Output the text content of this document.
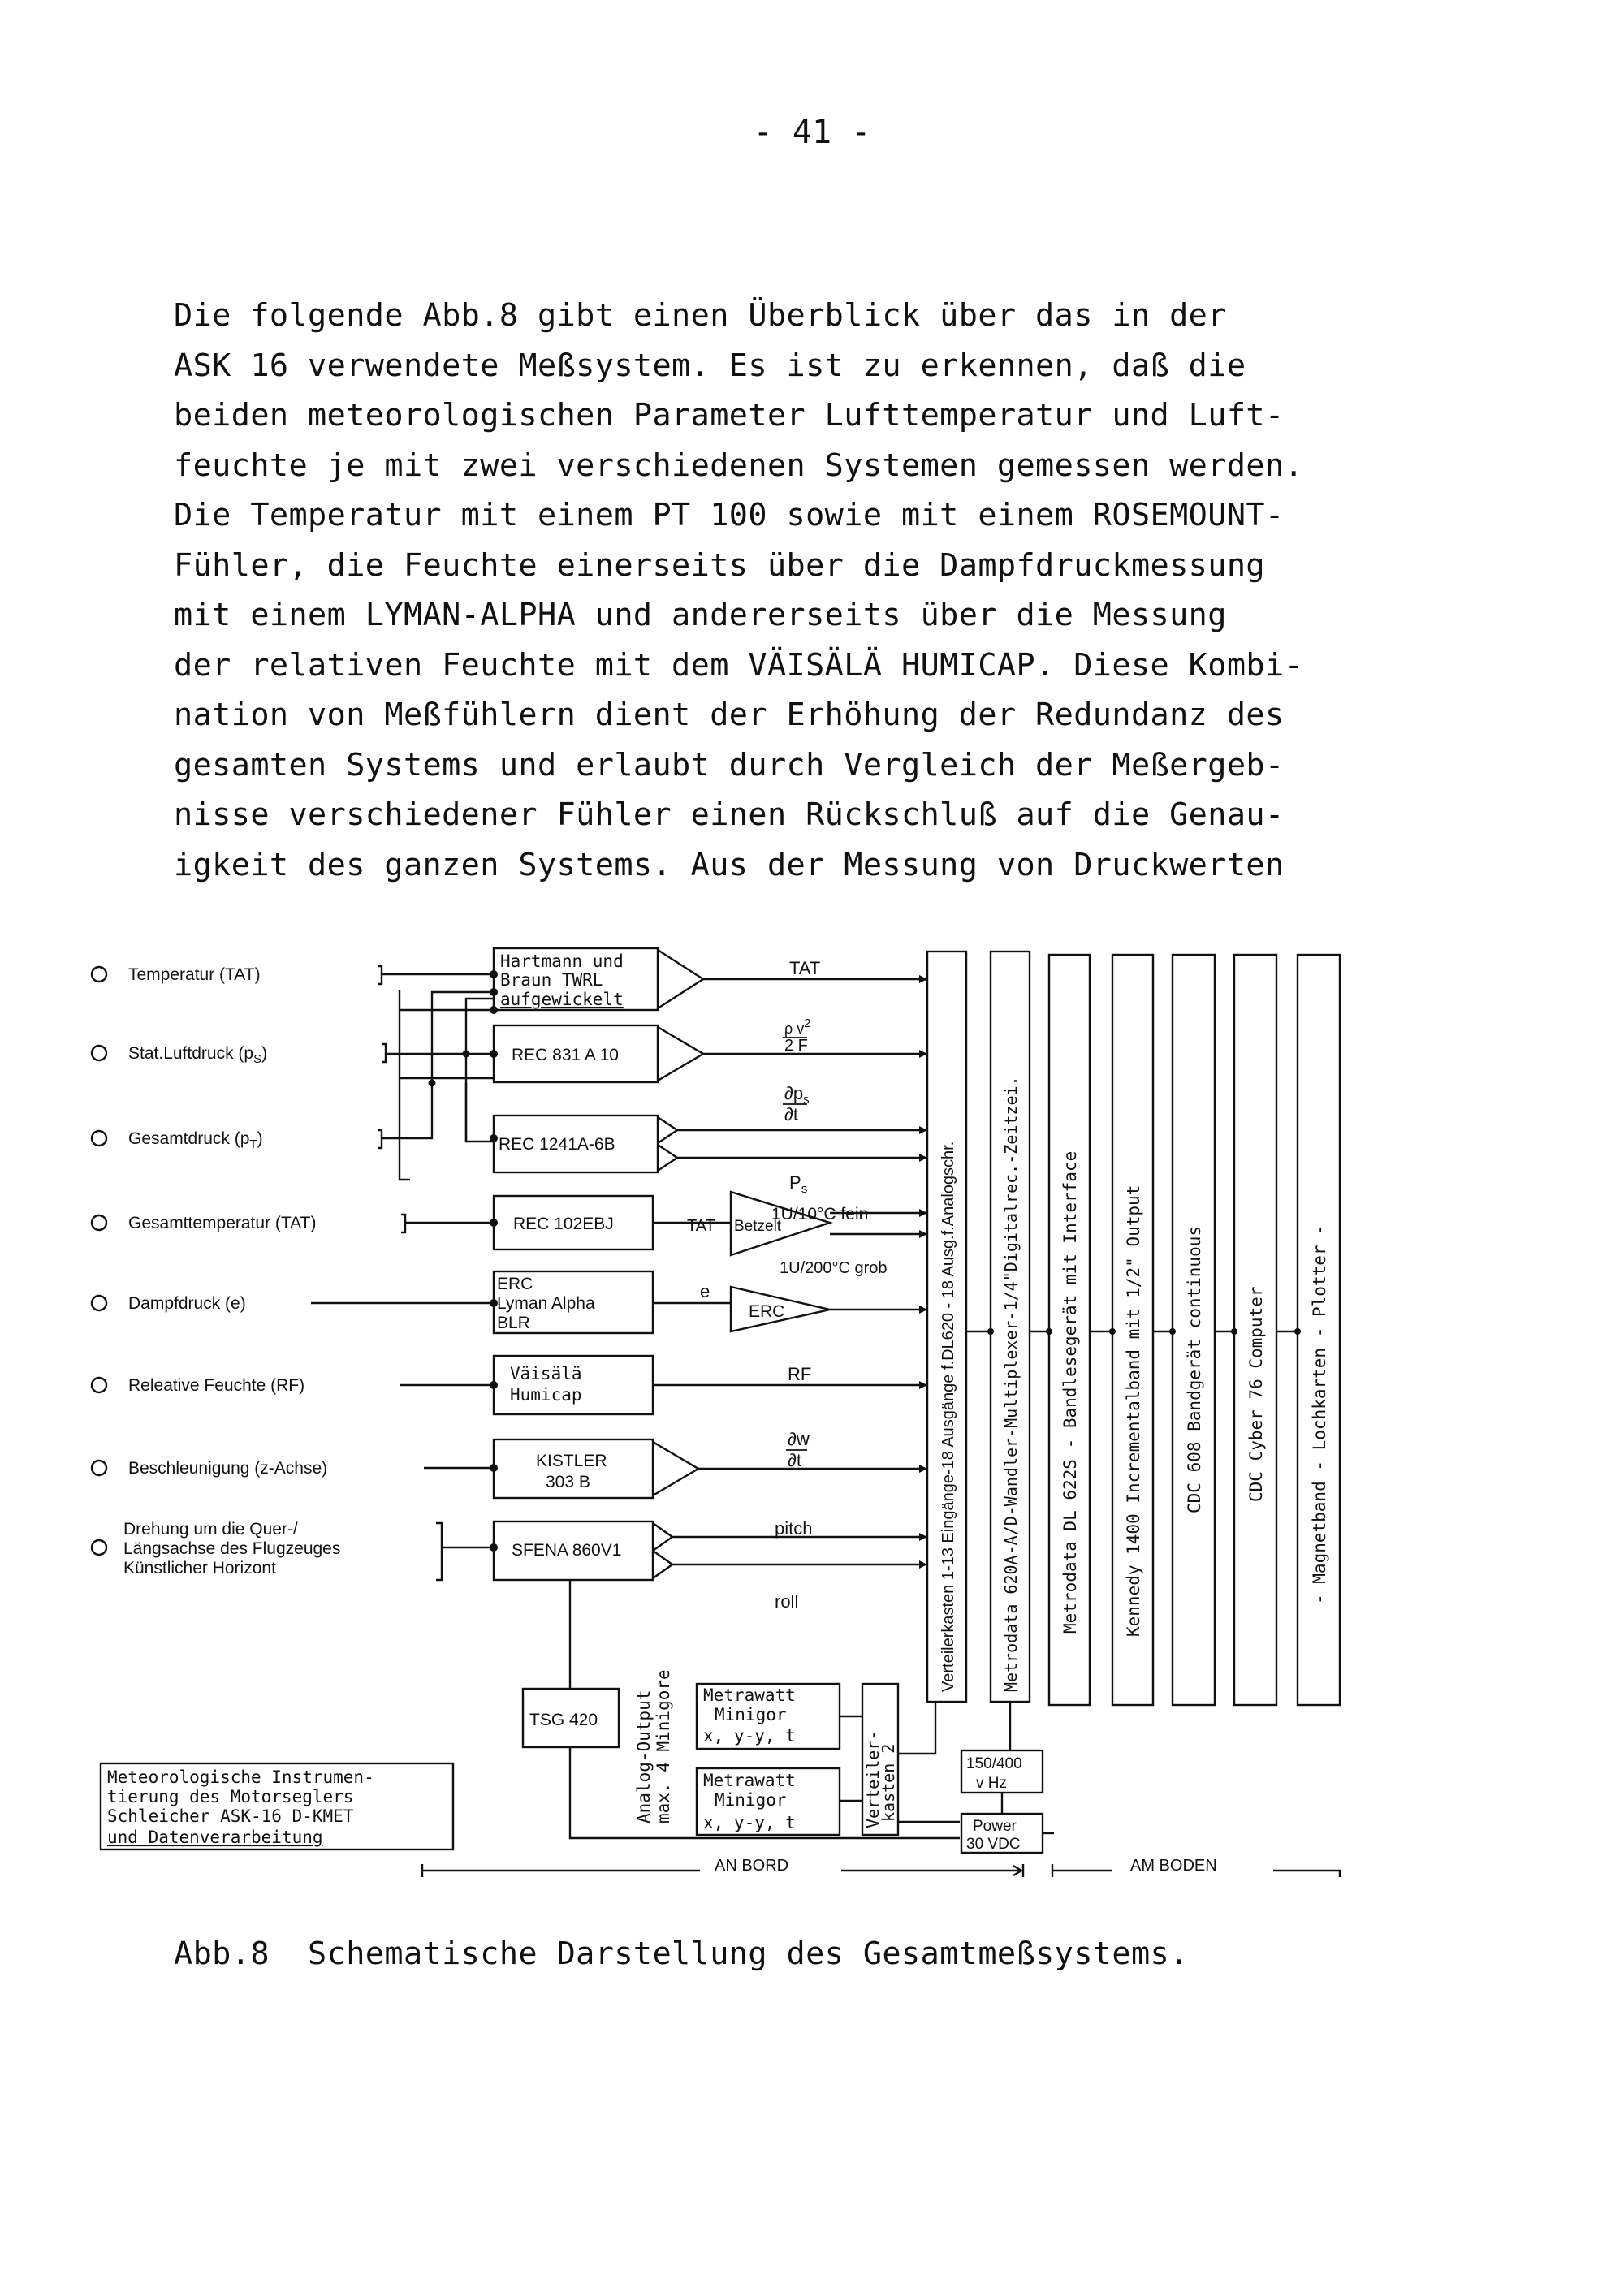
- 41 -
Die folgende Abb.8 gibt einen Überblick über das in der
ASK 16 verwendete Meßsystem. Es ist zu erkennen, daß die
beiden meteorologischen Parameter Lufttemperatur und Luft-
feuchte je mit zwei verschiedenen Systemen gemessen werden.
Die Temperatur mit einem PT 100 sowie mit einem ROSEMOUNT-
Fühler, die Feuchte einerseits über die Dampfdruckmessung
mit einem LYMAN-ALPHA und andererseits über die Messung
der relativen Feuchte mit dem VÄISÄLÄ HUMICAP. Diese Kombi-
nation von Meßfühlern dient der Erhöhung der Redundanz des
gesamten Systems und erlaubt durch Vergleich der Meßergeb-
nisse verschiedener Fühler einen Rückschluß auf die Genau-
igkeit des ganzen Systems. Aus der Messung von Druckwerten
Temperatur (TAT)
Stat.Luftdruck $(p_S)$
Gesamtdruck $(p_T)$
Gesamttemperatur (TAT)
Dampfdruck (e)
Releative Feuchte (RF)
Beschleunigung (z-Achse)
Drehung um die Quer-/
Längsachse des Flugzeuges
Künstlicher Horizont
Hartmann und
Braun TWRL
aufgewickelt
REC 831 A 10
REC 1241A-6B
REC 102EBJ
ERC
Lyman Alpha
BLR
Väisälä
Humicap
KISTLER
303 B
SFENA 860V1
ERC
Betzelt
TSG 420
TAT
ρ $v^2$
2 F
$\partial p_s$
∂t
$P_s$
TAT
1U/10°C fein
1U/200°C grob
e
RF
∂w
∂t
pitch
roll	Verteilerkasten 1-13 Eingänge-18 Ausgänge f.DL620 - 18 Ausg.f.Analogschr.	Metrodata 620A-A/D-Wandler-Multiplexer-1/4"Digitalrec.-Zeitzei. Metrodata DL 622S - Bandlesegerät mit Interface	Kennedy 1400 Incrementalband mit 1/2" Output CDC 608 Bandgerät continuous CDC Cyber 76 Computer	- Magnetband - Lochkarten - Plotter -
Analog-Output max. 4 Minigore Metrawatt
Minigor
x, y-y, t
Metrawatt
Minigor
x, y-y, t	Verteiler-
kasten 2	150/400
v Hz
Power
30 VDC
Meteorologische Instrumen-
tierung des Motorseglers
Schleicher ASK-16 D-KMET
und Datenverarbeitung
AN BORD	AM BODEN
Abb.8  Schematische Darstellung des Gesamtmeßsystems.
